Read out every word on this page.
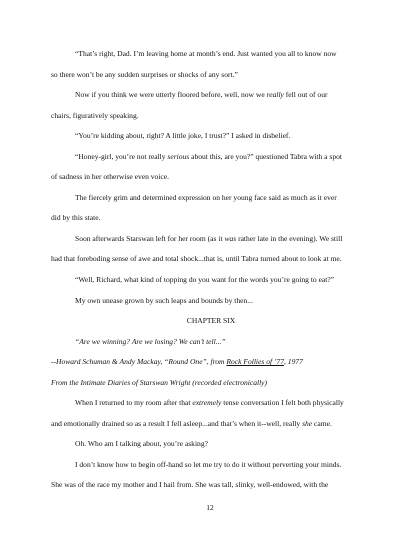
“That’s right, Dad. I’m leaving home at month’s end. Just wanted you all to know now
so there won’t be any sudden surprises or shocks of any sort.”
Now if you think we were utterly floored before, well, now we really fell out of our
chairs, figuratively speaking.
“You’re kidding about, right? A little joke, I trust?” I asked in disbelief.
“Honey-girl, you’re not really serious about this, are you?” questioned Tabra with a spot
of sadness in her otherwise even voice.
The fiercely grim and determined expression on her young face said as much as it ever
did by this state.
Soon afterwards Starswan left for her room (as it was rather late in the evening). We still
had that foreboding sense of awe and total shock...that is, until Tabra turned about to look at me.
“Well, Richard, what kind of topping do you want for the words you’re going to eat?”
My own unease grown by such leaps and bounds by then...
CHAPTER SIX
“Are we winning? Are we losing? We can’t tell...”
--Howard Schuman & Andy Mackay, “Round One”, from Rock Follies of ’77, 1977
From the Intimate Diaries of Starswan Wright (recorded electronically)
When I returned to my room after that extremely tense conversation I felt both physically
and emotionally drained so as a result I fell asleep...and that’s when it--well, really she came.
Oh. Who am I talking about, you’re asking?
I don’t know how to begin off-hand so let me try to do it without perverting your minds.
She was of the race my mother and I hail from. She was tall, slinky, well-endowed, with the
12
